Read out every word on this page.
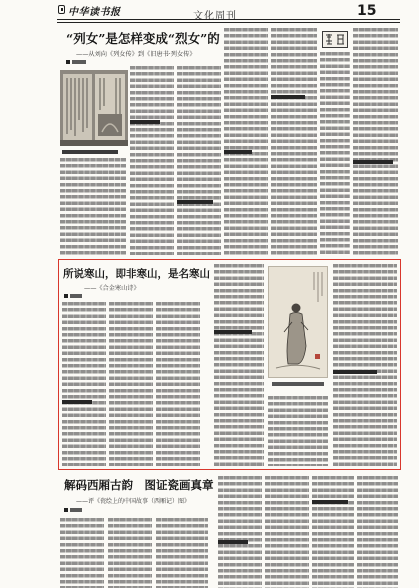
中华读书报	文化周刊	15
“列女”是怎样变成“烈女”的
——从刘向《列女传》到《旧唐书·列女传》
所说寒山，即非寒山，是名寒山
——《合金寒山诗》
解码西厢古韵　图证瓷画真章
——评《瓷绘上的中国故事（西厢记）图》
